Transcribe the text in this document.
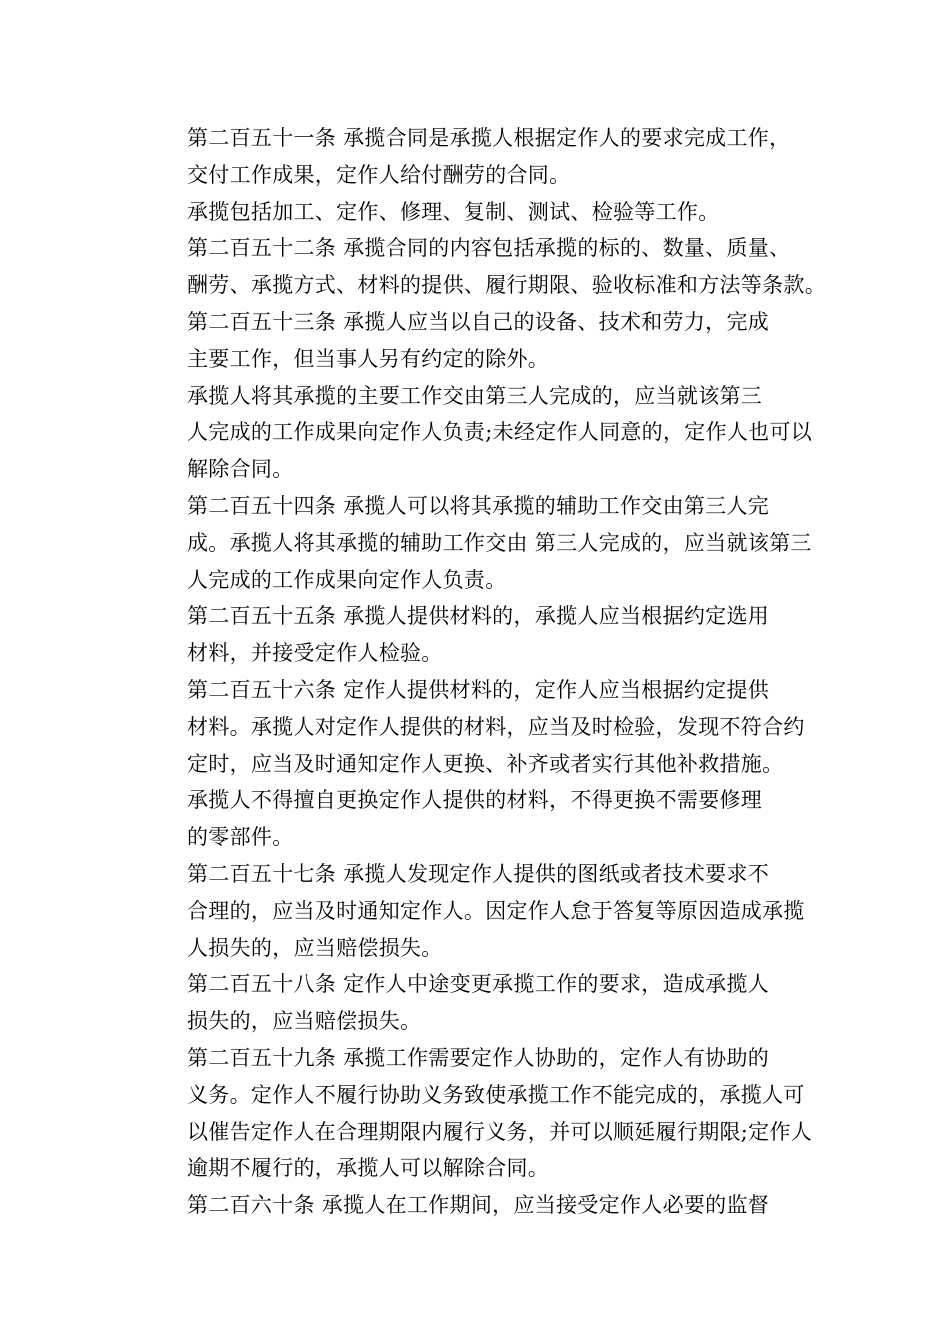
第二百五十一条 承揽合同是承揽人根据定作人的要求完成工作，
交付工作成果，定作人给付酬劳的合同。

承揽包括加工、定作、修理、复制、测试、检验等工作。

第二百五十二条 承揽合同的内容包括承揽的标的、数量、质量、
酬劳、承揽方式、材料的提供、履行期限、验收标准和方法等条款。

第二百五十三条 承揽人应当以自己的设备、技术和劳力，完成
主要工作，但当事人另有约定的除外。

承揽人将其承揽的主要工作交由第三人完成的，应当就该第三
人完成的工作成果向定作人负责;未经定作人同意的，定作人也可以
解除合同。

第二百五十四条 承揽人可以将其承揽的辅助工作交由第三人完
成。承揽人将其承揽的辅助工作交由 第三人完成的，应当就该第三
人完成的工作成果向定作人负责。

第二百五十五条 承揽人提供材料的，承揽人应当根据约定选用
材料，并接受定作人检验。

第二百五十六条 定作人提供材料的，定作人应当根据约定提供
材料。承揽人对定作人提供的材料，应当及时检验，发现不符合约
定时，应当及时通知定作人更换、补齐或者实行其他补救措施。

承揽人不得擅自更换定作人提供的材料，不得更换不需要修理
的零部件。

第二百五十七条 承揽人发现定作人提供的图纸或者技术要求不
合理的，应当及时通知定作人。因定作人怠于答复等原因造成承揽
人损失的，应当赔偿损失。

第二百五十八条 定作人中途变更承揽工作的要求，造成承揽人
损失的，应当赔偿损失。

第二百五十九条 承揽工作需要定作人协助的，定作人有协助的
义务。定作人不履行协助义务致使承揽工作不能完成的，承揽人可
以催告定作人在合理期限内履行义务，并可以顺延履行期限;定作人
逾期不履行的，承揽人可以解除合同。

第二百六十条 承揽人在工作期间，应当接受定作人必要的监督
